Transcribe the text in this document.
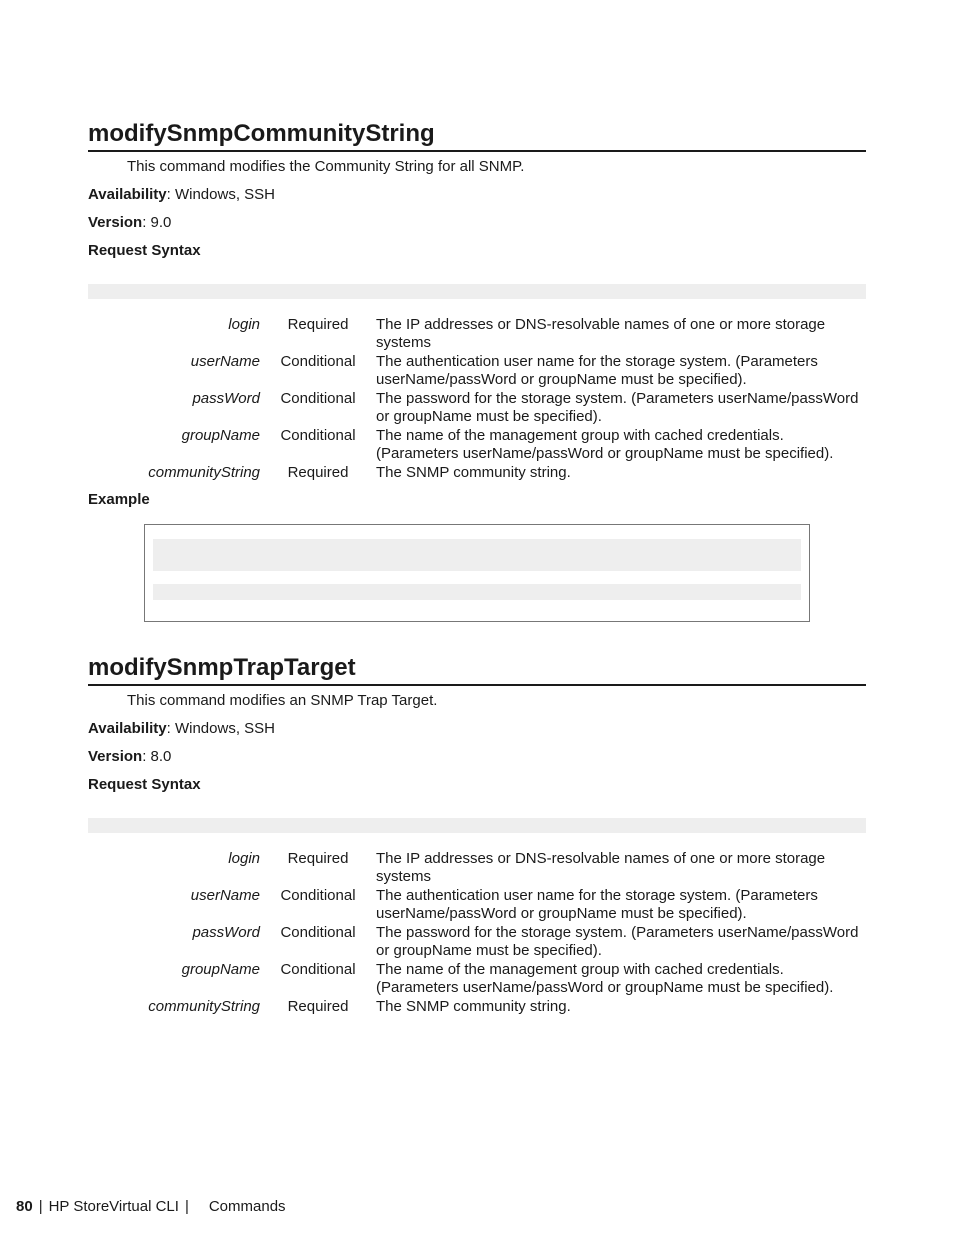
modifySnmpCommunityString
This command modifies the Community String for all SNMP.
Availability: Windows, SSH
Version: 9.0
Request Syntax
login	Required	The IP addresses or DNS-resolvable names of one or more storage systems
userName	Conditional	The authentication user name for the storage system. (Parameters userName/passWord or groupName must be specified).
passWord	Conditional	The password for the storage system. (Parameters userName/passWord or groupName must be specified).
groupName	Conditional	The name of the management group with cached credentials. (Parameters userName/passWord or groupName must be specified).
communityString	Required	The SNMP community string.
Example
modifySnmpTrapTarget
This command modifies an SNMP Trap Target.
Availability: Windows, SSH
Version: 8.0
Request Syntax
login	Required	The IP addresses or DNS-resolvable names of one or more storage systems
userName	Conditional	The authentication user name for the storage system. (Parameters userName/passWord or groupName must be specified).
passWord	Conditional	The password for the storage system. (Parameters userName/passWord or groupName must be specified).
groupName	Conditional	The name of the management group with cached credentials. (Parameters userName/passWord or groupName must be specified).
communityString	Required	The SNMP community string.
80 | HP StoreVirtual CLI | Commands
